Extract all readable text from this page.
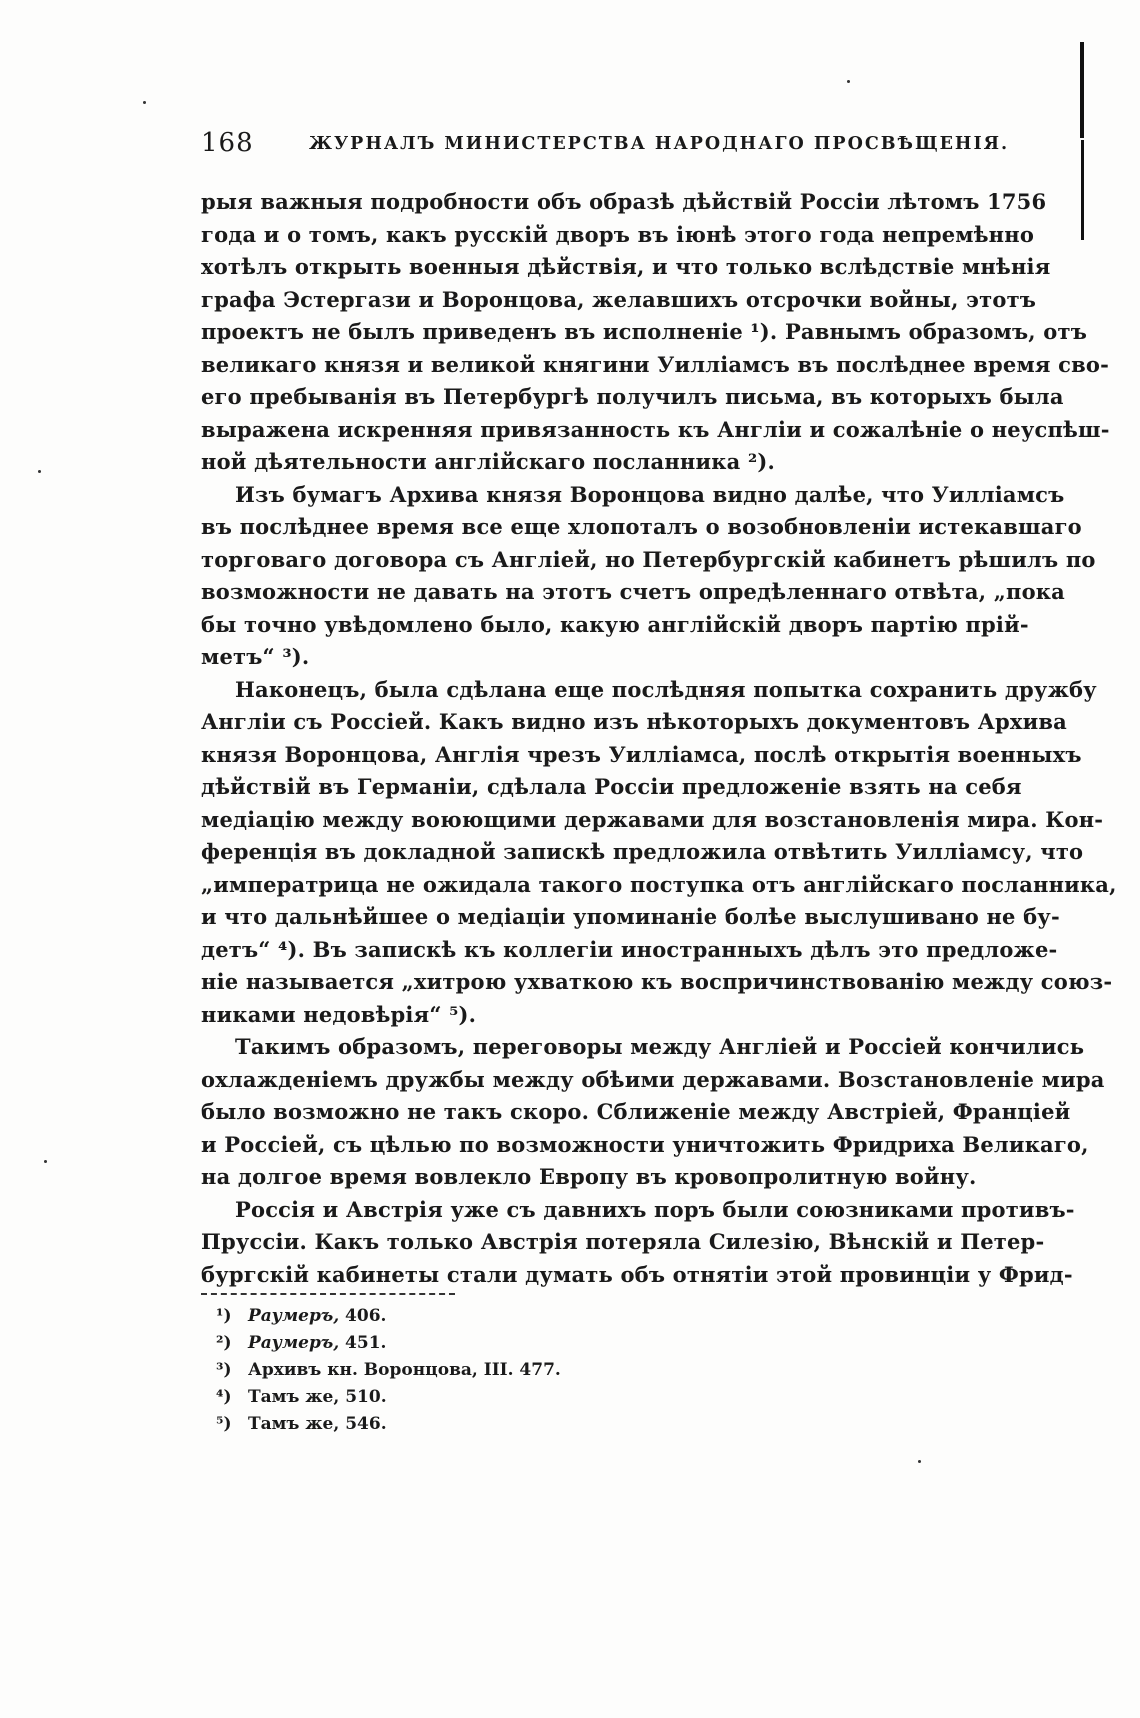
168	ЖУРНАЛЪ МИНИСТЕРСТВА НАРОДНАГО ПРОСВѢЩЕНІЯ.
рыя важныя подробности объ образѣ дѣйствій Россіи лѣтомъ 1756
года и о томъ, какъ русскій дворъ въ іюнѣ этого года непремѣнно
хотѣлъ открыть военныя дѣйствія, и что только вслѣдствіе мнѣнія
графа Эстергази и Воронцова, желавшихъ отсрочки войны, этотъ
проектъ не былъ приведенъ въ исполненіе ¹). Равнымъ образомъ, отъ
великаго князя и великой княгини Уилліамсъ въ послѣднее время сво-
его пребыванія въ Петербургѣ получилъ письма, въ которыхъ была
выражена искренняя привязанность къ Англіи и сожалѣніе о неуспѣш-
ной дѣятельности англійскаго посланника ²).
Изъ бумагъ Архива князя Воронцова видно далѣе, что Уилліамсъ
въ послѣднее время все еще хлопоталъ о возобновленіи истекавшаго
торговаго договора съ Англіей, но Петербургскій кабинетъ рѣшилъ по
возможности не давать на этотъ счетъ опредѣленнаго отвѣта, „пока
бы точно увѣдомлено было, какую англійскій дворъ партію прій-
метъ“ ³).
Наконецъ, была сдѣлана еще послѣдняя попытка сохранить дружбу
Англіи съ Россіей. Какъ видно изъ нѣкоторыхъ документовъ Архива
князя Воронцова, Англія чрезъ Уилліамса, послѣ открытія военныхъ
дѣйствій въ Германіи, сдѣлала Россіи предложеніе взять на себя
медіацію между воюющими державами для возстановленія мира. Кон-
ференція въ докладной запискѣ предложила отвѣтить Уилліамсу, что
„императрица не ожидала такого поступка отъ англійскаго посланника,
и что дальнѣйшее о медіаціи упоминаніе болѣе выслушивано не бу-
детъ“ ⁴). Въ запискѣ къ коллегіи иностранныхъ дѣлъ это предложе-
ніе называется „хитрою ухваткою къ воспричинствованію между союз-
никами недовѣрія“ ⁵).
Такимъ образомъ, переговоры между Англіей и Россіей кончились
охлажденіемъ дружбы между обѣими державами. Возстановленіе мира
было возможно не такъ скоро. Сближеніе между Австріей, Франціей
и Россіей, съ цѣлью по возможности уничтожить Фридриха Великаго,
на долгое время вовлекло Европу въ кровопролитную войну.
Россія и Австрія уже съ давнихъ поръ были союзниками противъ-
Пруссіи. Какъ только Австрія потеряла Силезію, Вѣнскій и Петер-
бургскій кабинеты стали думать объ отнятіи этой провинціи у Фрид-
¹) Раумеръ, 406.
²) Раумеръ, 451.
³) Архивъ кн. Воронцова, III. 477.
⁴) Тамъ же, 510.
⁵) Тамъ же, 546.
